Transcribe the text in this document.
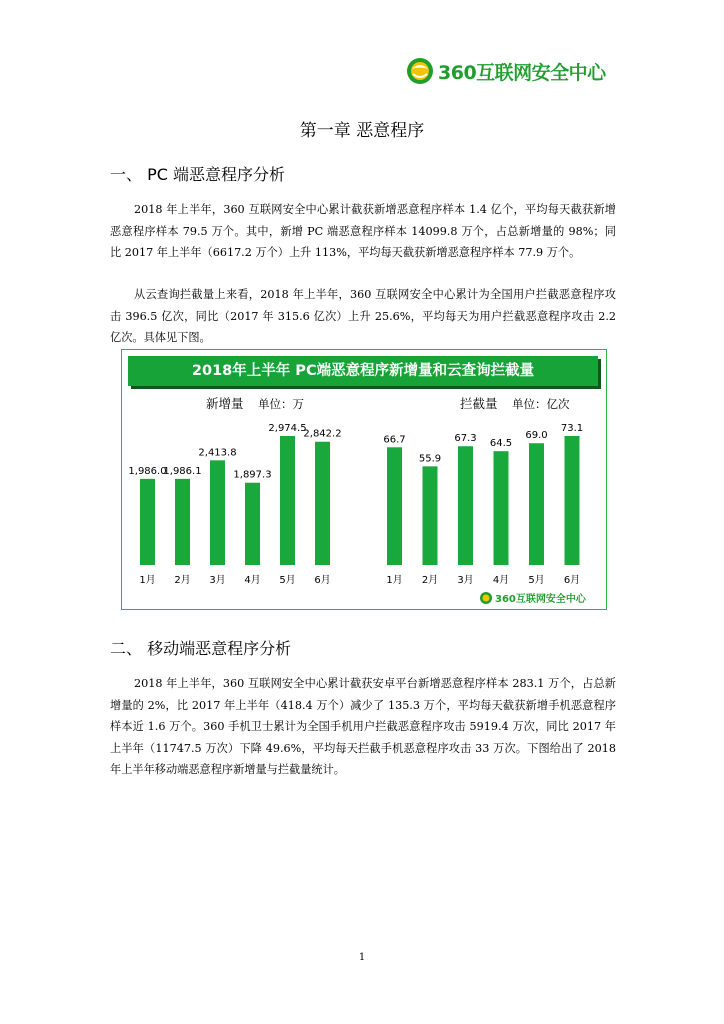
360互联网安全中心
第一章 恶意程序
一、 PC 端恶意程序分析
2018 年上半年，360 互联网安全中心累计截获新增恶意程序样本 1.4 亿个，平均每天截获新增恶意程序样本 79.5 万个。其中，新增 PC 端恶意程序样本 14099.8 万个，占总新增量的 98%；同比 2017 年上半年（6617.2 万个）上升 113%，平均每天截获新增恶意程序样本 77.9 万个。
从云查询拦截量上来看，2018 年上半年，360 互联网安全中心累计为全国用户拦截恶意程序攻击 396.5 亿次，同比（2017 年 315.6 亿次）上升 25.6%，平均每天为用户拦截恶意程序攻击 2.2 亿次。具体见下图。
2018年上半年 PC端恶意程序新增量和云查询拦截量
新增量 单位：万	拦截量 单位：亿次
1,986.0
1月
1,986.1
2月
2,413.8
3月
1,897.3
4月
2,974.5
5月
2,842.2
6月
66.7
1月
55.9
2月
67.3
3月
64.5
4月
69.0
5月
73.1
6月
360互联网安全中心
二、 移动端恶意程序分析
2018 年上半年，360 互联网安全中心累计截获安卓平台新增恶意程序样本 283.1 万个，占总新增量的 2%，比 2017 年上半年（418.4 万个）减少了 135.3 万个，平均每天截获新增手机恶意程序样本近 1.6 万个。360 手机卫士累计为全国手机用户拦截恶意程序攻击 5919.4 万次，同比 2017 年上半年（11747.5 万次）下降 49.6%，平均每天拦截手机恶意程序攻击 33 万次。下图给出了 2018 年上半年移动端恶意程序新增量与拦截量统计。
1
